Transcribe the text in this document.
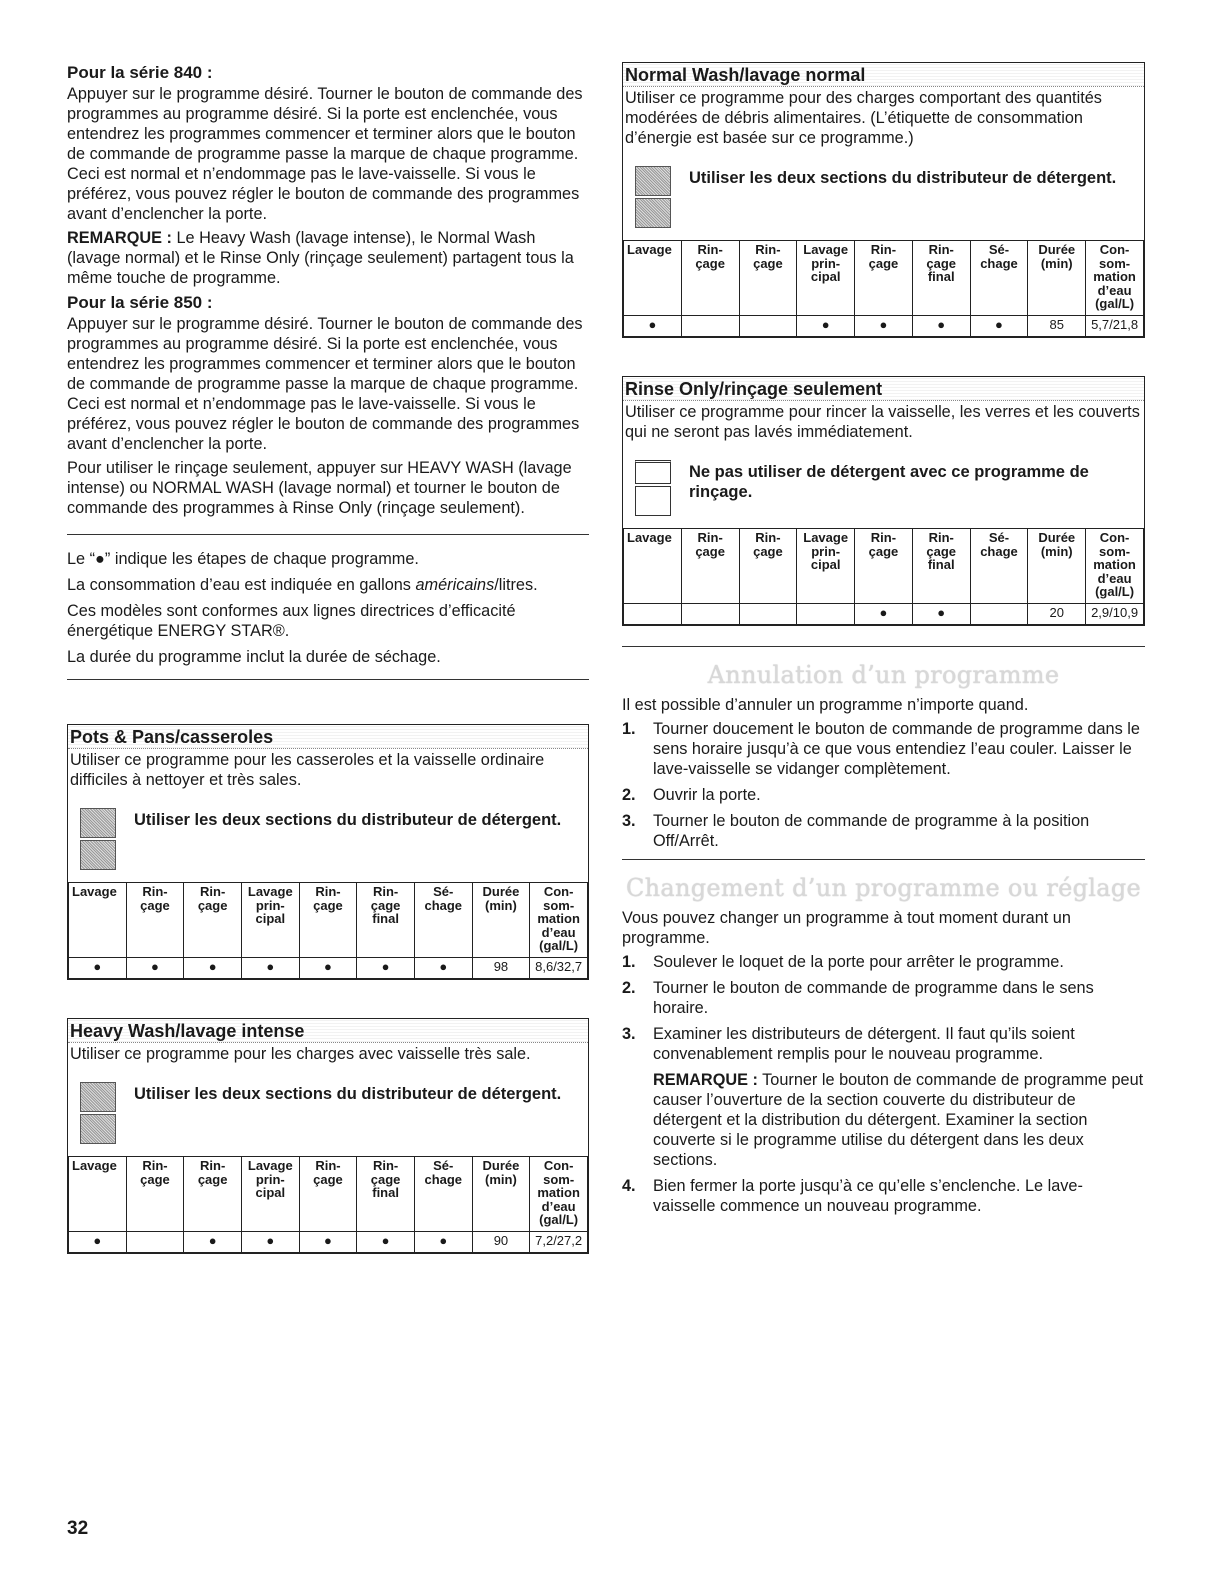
Pour la série 840 :

Appuyer sur le programme désiré. Tourner le bouton de commande des programmes au programme désiré. Si la porte est enclenchée, vous entendrez les programmes commencer et terminer alors que le bouton de commande de programme passe la marque de chaque programme. Ceci est normal et n’endommage pas le lave-vaisselle. Si vous le préférez, vous pouvez régler le bouton de commande des programmes avant d’enclencher la porte.

REMARQUE : Le Heavy Wash (lavage intense), le Normal Wash (lavage normal) et le Rinse Only (rinçage seulement) partagent tous la même touche de programme.

Pour la série 850 :

Appuyer sur le programme désiré. Tourner le bouton de commande des programmes au programme désiré. Si la porte est enclenchée, vous entendrez les programmes commencer et terminer alors que le bouton de commande de programme passe la marque de chaque programme. Ceci est normal et n’endommage pas le lave-vaisselle. Si vous le préférez, vous pouvez régler le bouton de commande des programmes avant d’enclencher la porte.

Pour utiliser le rinçage seulement, appuyer sur HEAVY WASH (lavage intense) ou NORMAL WASH (lavage normal) et tourner le bouton de commande des programmes à Rinse Only (rinçage seulement).

Le “●” indique les étapes de chaque programme.

La consommation d’eau est indiquée en gallons américains/litres.

Ces modèles sont conformes aux lignes directrices d’efficacité énergétique ENERGY STAR®.

La durée du programme inclut la durée de séchage.

Pots & Pans/casseroles
Utiliser ce programme pour les casseroles et la vaisselle ordinaire difficiles à nettoyer et très sales.
Utiliser les deux sections du distributeur de détergent.
Lavage	Rin- çage	Rin- çage	Lavage prin- cipal	Rin- çage	Rin- çage final	Sé- chage	Durée (min)	Con- som- mation d’eau (gal/L)
●	●	●	●	●	●	●	98	8,6/32,7
Heavy Wash/lavage intense
Utiliser ce programme pour les charges avec vaisselle très sale.
Utiliser les deux sections du distributeur de détergent.
Lavage	Rin- çage	Rin- çage	Lavage prin- cipal	Rin- çage	Rin- çage final	Sé- chage	Durée (min)	Con- som- mation d’eau (gal/L)
●		●	●	●	●	●	90	7,2/27,2
Normal Wash/lavage normal
Utiliser ce programme pour des charges comportant des quantités modérées de débris alimentaires. (L’étiquette de consommation d’énergie est basée sur ce programme.)
Utiliser les deux sections du distributeur de détergent.
Lavage	Rin- çage	Rin- çage	Lavage prin- cipal	Rin- çage	Rin- çage final	Sé- chage	Durée (min)	Con- som- mation d’eau (gal/L)
●			●	●	●	●	85	5,7/21,8
Rinse Only/rinçage seulement
Utiliser ce programme pour rincer la vaisselle, les verres et les couverts qui ne seront pas lavés immédiatement.
Ne pas utiliser de détergent avec ce programme de rinçage.
Lavage	Rin- çage	Rin- çage	Lavage prin- cipal	Rin- çage	Rin- çage final	Sé- chage	Durée (min)	Con- som- mation d’eau (gal/L)
				●	●		20	2,9/10,9
Annulation d’un programme

Il est possible d’annuler un programme n’importe quand.

1.	Tourner doucement le bouton de commande de programme dans le sens horaire jusqu’à ce que vous entendiez l’eau couler. Laisser le lave-vaisselle se vidanger complètement.
2.	Ouvrir la porte.
3.	Tourner le bouton de commande de programme à la position Off/Arrêt.
Changement d’un programme ou réglage

Vous pouvez changer un programme à tout moment durant un programme.

1.	Soulever le loquet de la porte pour arrêter le programme.
2.	Tourner le bouton de commande de programme dans le sens horaire.
3.	Examiner les distributeurs de détergent. Il faut qu’ils soient convenablement remplis pour le nouveau programme.

REMARQUE : Tourner le bouton de commande de programme peut causer l’ouverture de la section couverte du distributeur de détergent et la distribution du détergent. Examiner la section couverte si le programme utilise du détergent dans les deux sections.
4.	Bien fermer la porte jusqu’à ce qu’elle s’enclenche. Le lave-vaisselle commence un nouveau programme.
32
